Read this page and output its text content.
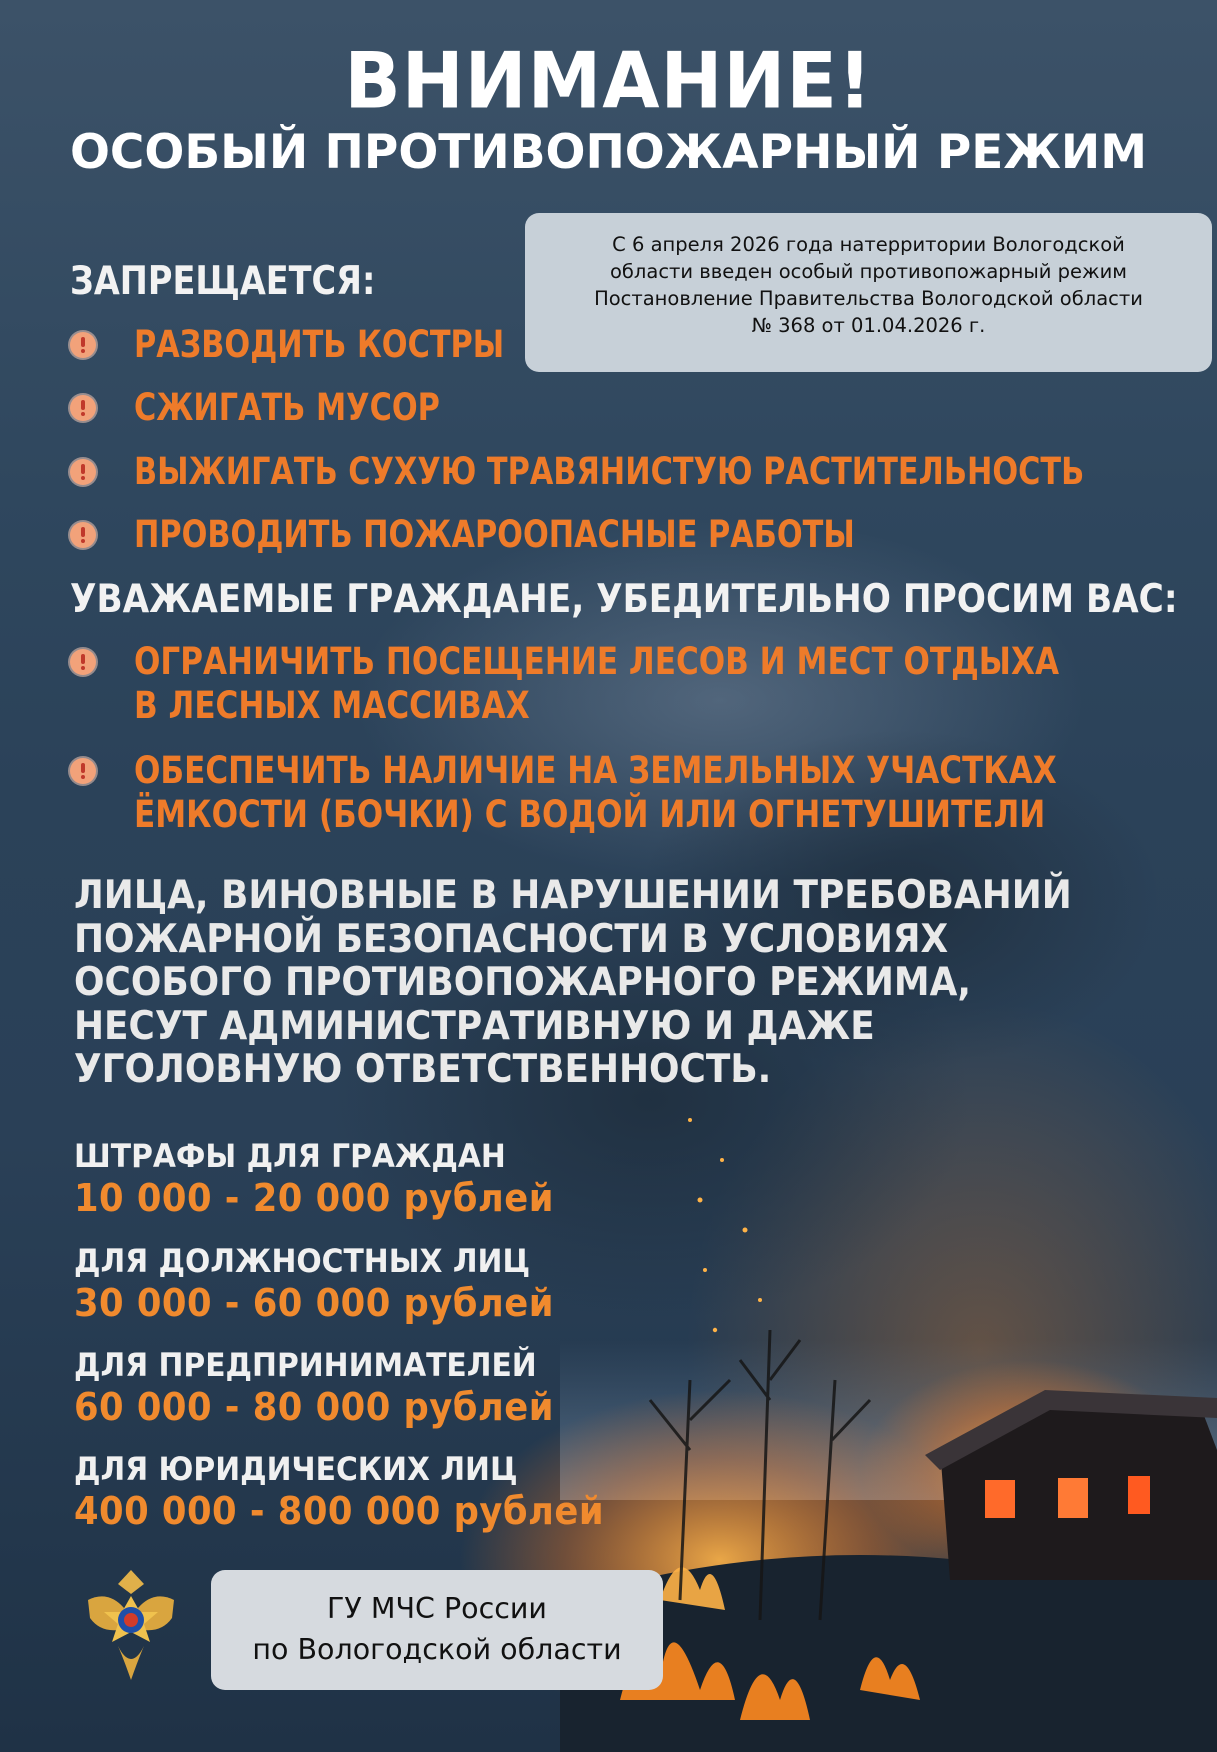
ВНИМАНИЕ!
ОСОБЫЙ ПРОТИВОПОЖАРНЫЙ РЕЖИМ
С 6 апреля 2026 года натерритории Вологодской
области введен особый противопожарный режим
Постановление Правительства Вологодской области
№ 368 от 01.04.2026 г.
ЗАПРЕЩАЕТСЯ:
РАЗВОДИТЬ КОСТРЫ
СЖИГАТЬ МУСОР
ВЫЖИГАТЬ СУХУЮ ТРАВЯНИСТУЮ РАСТИТЕЛЬНОСТЬ
ПРОВОДИТЬ ПОЖАРООПАСНЫЕ РАБОТЫ
УВАЖАЕМЫЕ ГРАЖДАНЕ, УБЕДИТЕЛЬНО ПРОСИМ ВАС:
ОГРАНИЧИТЬ ПОСЕЩЕНИЕ ЛЕСОВ И МЕСТ ОТДЫХА
В ЛЕСНЫХ МАССИВАХ
ОБЕСПЕЧИТЬ НАЛИЧИЕ НА ЗЕМЕЛЬНЫХ УЧАСТКАХ
ЁМКОСТИ (БОЧКИ) С ВОДОЙ ИЛИ ОГНЕТУШИТЕЛИ
ЛИЦА, ВИНОВНЫЕ В НАРУШЕНИИ ТРЕБОВАНИЙ
ПОЖАРНОЙ БЕЗОПАСНОСТИ В УСЛОВИЯХ
ОСОБОГО ПРОТИВОПОЖАРНОГО РЕЖИМА,
НЕСУТ АДМИНИСТРАТИВНУЮ И ДАЖЕ
УГОЛОВНУЮ ОТВЕТСТВЕННОСТЬ.
ШТРАФЫ ДЛЯ ГРАЖДАН
10 000 - 20 000 рублей
ДЛЯ ДОЛЖНОСТНЫХ ЛИЦ
30 000 - 60 000 рублей
ДЛЯ ПРЕДПРИНИМАТЕЛЕЙ
60 000 - 80 000 рублей
ДЛЯ ЮРИДИЧЕСКИХ ЛИЦ
400 000 - 800 000 рублей
ГУ МЧС России
по Вологодской области
